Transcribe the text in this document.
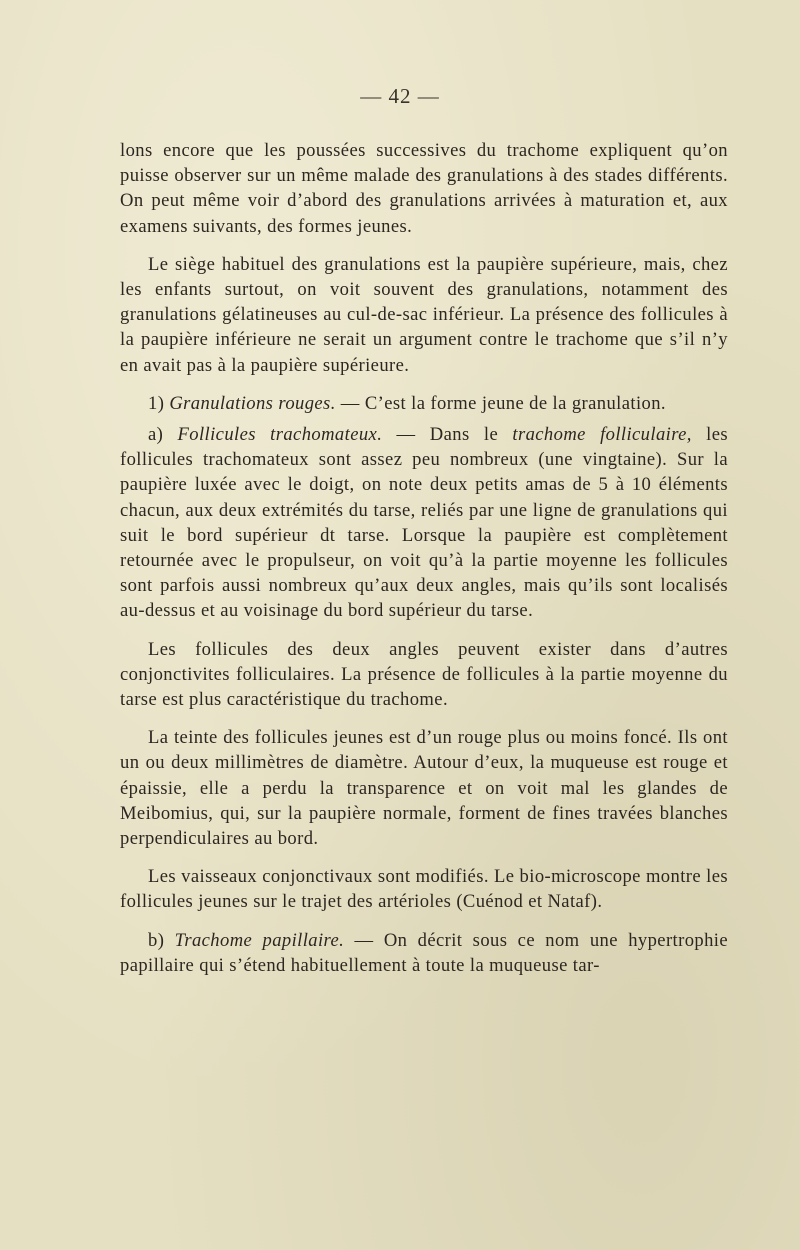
— 42 —

lons encore que les poussées successives du trachome expliquent qu’on puisse observer sur un même malade des granulations à des stades différents. On peut même voir d’abord des granulations arrivées à maturation et, aux examens suivants, des formes jeunes.

Le siège habituel des granulations est la paupière supérieure, mais, chez les enfants surtout, on voit souvent des granulations, notamment des granulations gélatineuses au cul-de-sac inférieur. La présence des follicules à la paupière inférieure ne serait un argument contre le trachome que s’il n’y en avait pas à la paupière supérieure.

1) Granulations rouges. — C’est la forme jeune de la granulation.

a) Follicules trachomateux. — Dans le trachome folliculaire, les follicules trachomateux sont assez peu nombreux (une vingtaine). Sur la paupière luxée avec le doigt, on note deux petits amas de 5 à 10 éléments chacun, aux deux extrémités du tarse, reliés par une ligne de granulations qui suit le bord supérieur dt tarse. Lorsque la paupière est complètement retournée avec le propulseur, on voit qu’à la partie moyenne les follicules sont parfois aussi nombreux qu’aux deux angles, mais qu’ils sont localisés au-dessus et au voisinage du bord supérieur du tarse.

Les follicules des deux angles peuvent exister dans d’autres conjonctivites folliculaires. La présence de follicules à la partie moyenne du tarse est plus caractéristique du trachome.

La teinte des follicules jeunes est d’un rouge plus ou moins foncé. Ils ont un ou deux millimètres de diamètre. Autour d’eux, la muqueuse est rouge et épaissie, elle a perdu la transparence et on voit mal les glandes de Meibomius, qui, sur la paupière normale, forment de fines travées blanches perpendiculaires au bord.

Les vaisseaux conjonctivaux sont modifiés. Le bio-microscope montre les follicules jeunes sur le trajet des artérioles (Cuénod et Nataf).

b) Trachome papillaire. — On décrit sous ce nom une hypertrophie papillaire qui s’étend habituellement à toute la muqueuse tar-
